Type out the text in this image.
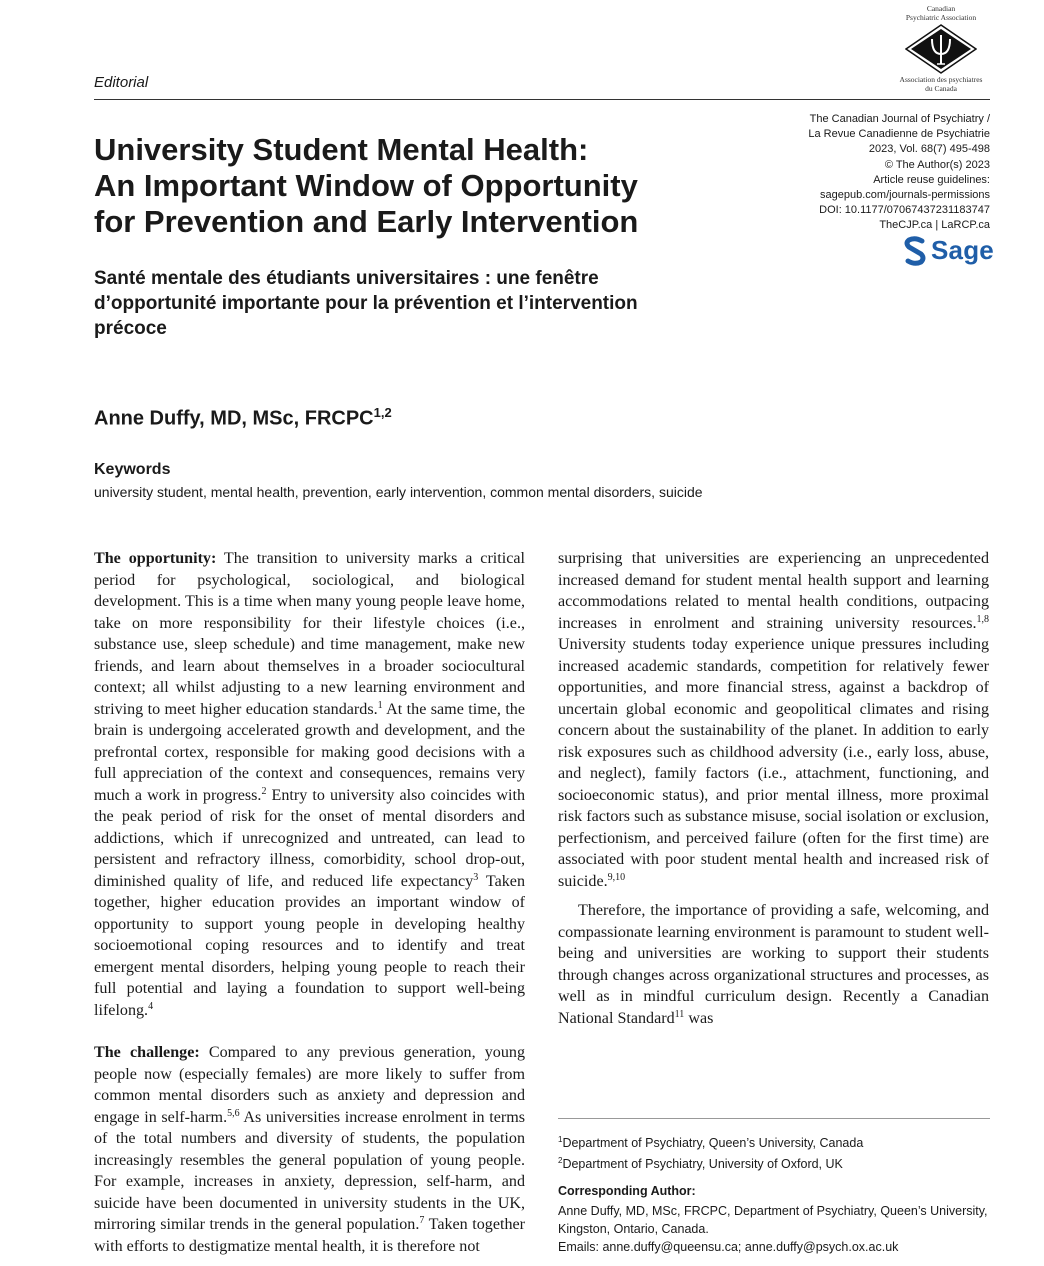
Editorial
Canadian
Psychiatric Association
Association des psychiatres
du Canada
The Canadian Journal of Psychiatry /
La Revue Canadienne de Psychiatrie
2023, Vol. 68(7) 495-498
© The Author(s) 2023
Article reuse guidelines:
sagepub.com/journals-permissions
DOI: 10.1177/07067437231183747
TheCJP.ca | LaRCP.ca
Sage
University Student Mental Health:
An Important Window of Opportunity
for Prevention and Early Intervention
Santé mentale des étudiants universitaires : une fenêtre
d’opportunité importante pour la prévention et l’intervention
précoce
Anne Duffy, MD, MSc, FRCPC$^{1,2}$
Keywords
university student, mental health, prevention, early intervention, common mental disorders, suicide

The opportunity: The transition to university marks a critical period for psychological, sociological, and biological development. This is a time when many young people leave home, take on more responsibility for their lifestyle choices (i.e., substance use, sleep schedule) and time management, make new friends, and learn about themselves in a broader sociocultural context; all whilst adjusting to a new learning environment and striving to meet higher education standards.$^1$ At the same time, the brain is undergoing accelerated growth and development, and the prefrontal cortex, responsible for making good decisions with a full appreciation of the context and consequences, remains very much a work in progress.$^2$ Entry to university also coincides with the peak period of risk for the onset of mental disorders and addictions, which if unrecognized and untreated, can lead to persistent and refractory illness, comorbidity, school drop-out, diminished quality of life, and reduced life expectancy$^3$ Taken together, higher education provides an important window of opportunity to support young people in developing healthy socioemotional coping resources and to identify and treat emergent mental disorders, helping young people to reach their full potential and laying a foundation to support well-being lifelong.$^4$

The challenge: Compared to any previous generation, young people now (especially females) are more likely to suffer from common mental disorders such as anxiety and depression and engage in self-harm.$^{5,6}$ As universities increase enrolment in terms of the total numbers and diversity of students, the population increasingly resembles the general population of young people. For example, increases in anxiety, depression, self-harm, and suicide have been documented in university students in the UK, mirroring similar trends in the general population.$^7$ Taken together with efforts to destigmatize mental health, it is therefore not

surprising that universities are experiencing an unprecedented increased demand for student mental health support and learning accommodations related to mental health conditions, outpacing increases in enrolment and straining university resources.$^{1,8}$ University students today experience unique pressures including increased academic standards, competition for relatively fewer opportunities, and more financial stress, against a backdrop of uncertain global economic and geopolitical climates and rising concern about the sustainability of the planet. In addition to early risk exposures such as childhood adversity (i.e., early loss, abuse, and neglect), family factors (i.e., attachment, functioning, and socioeconomic status), and prior mental illness, more proximal risk factors such as substance misuse, social isolation or exclusion, perfectionism, and perceived failure (often for the first time) are associated with poor student mental health and increased risk of suicide.$^{9,10}$

Therefore, the importance of providing a safe, welcoming, and compassionate learning environment is paramount to student well-being and universities are working to support their students through changes across organizational structures and processes, as well as in mindful curriculum design. Recently a Canadian National Standard$^{11}$ was

$^1$Department of Psychiatry, Queen’s University, Canada
$^2$Department of Psychiatry, University of Oxford, UK
Corresponding Author:
Anne Duffy, MD, MSc, FRCPC, Department of Psychiatry, Queen’s University, Kingston, Ontario, Canada.
Emails: anne.duffy@queensu.ca; anne.duffy@psych.ox.ac.uk
